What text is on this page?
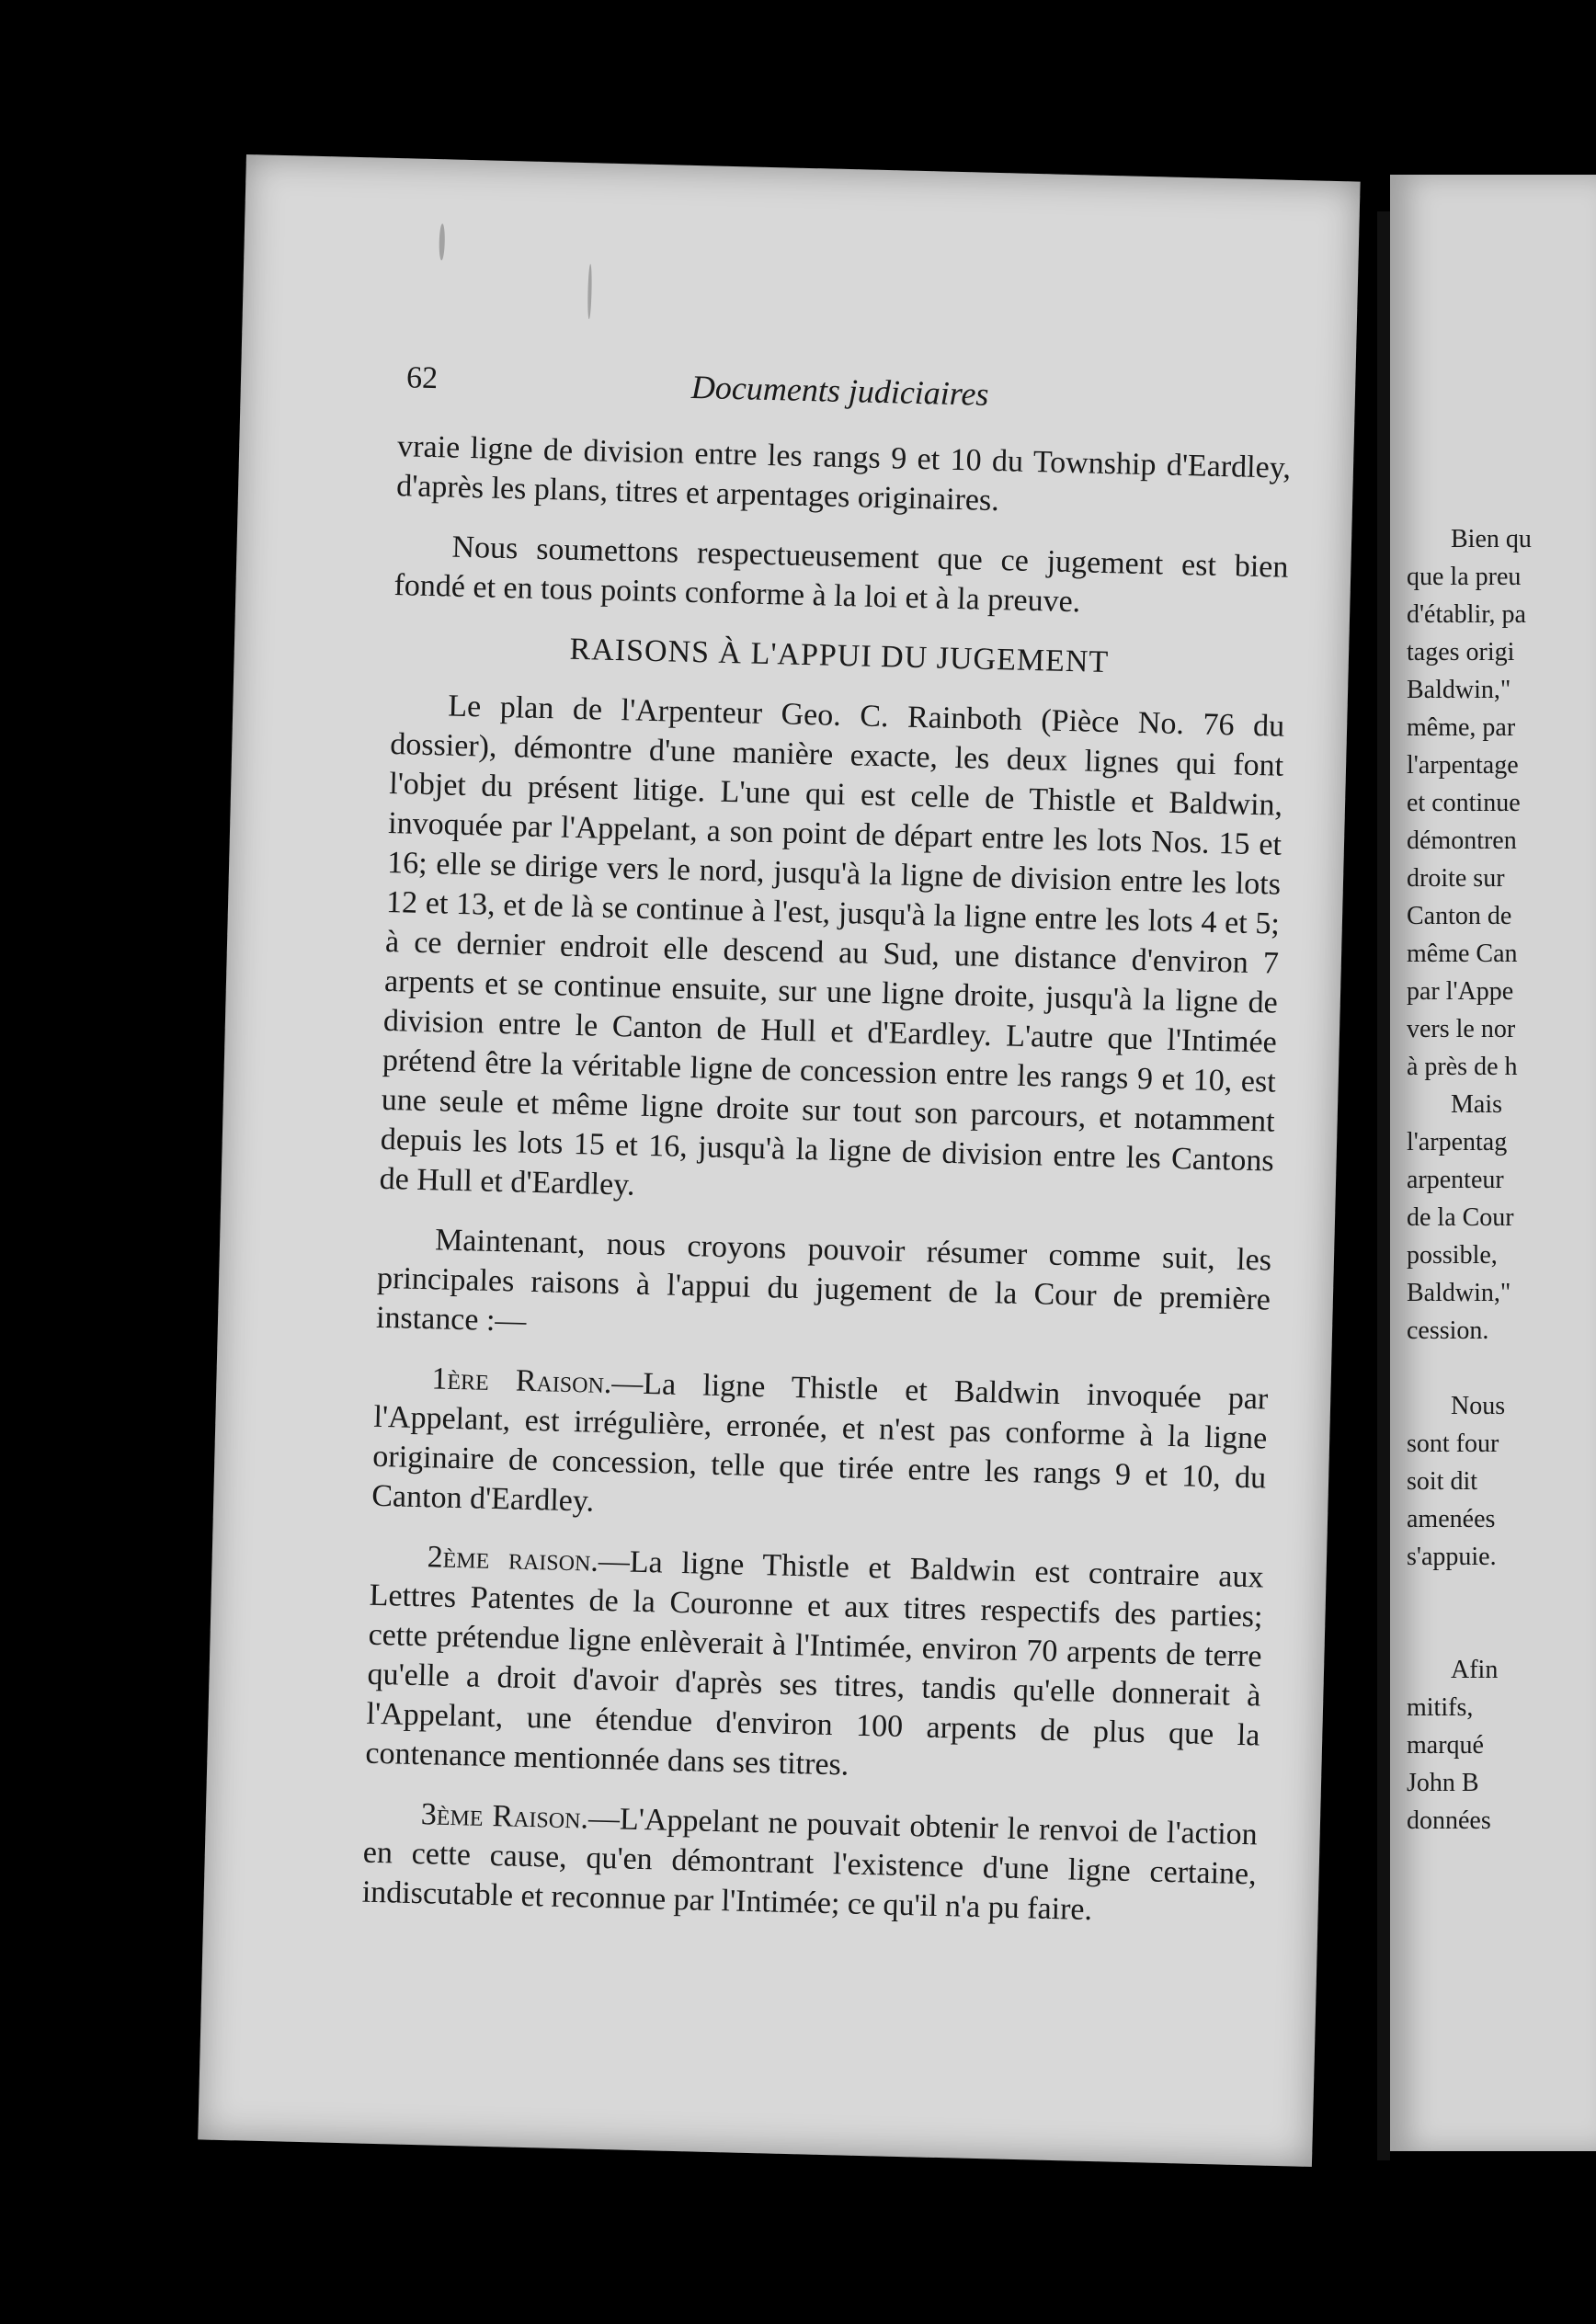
62	Documents judiciaires

vraie ligne de division entre les rangs 9 et 10 du Township d'Eardley, d'après les plans, titres et arpentages originaires.

Nous soumettons respectueusement que ce jugement est bien fondé et en tous points conforme à la loi et à la preuve.

RAISONS À L'APPUI DU JUGEMENT

Le plan de l'Arpenteur Geo. C. Rainboth (Pièce No. 76 du dossier), démontre d'une manière exacte, les deux lignes qui font l'objet du présent litige. L'une qui est celle de Thistle et Baldwin, invoquée par l'Appelant, a son point de départ entre les lots Nos. 15 et 16; elle se dirige vers le nord, jusqu'à la ligne de division entre les lots 12 et 13, et de là se continue à l'est, jusqu'à la ligne entre les lots 4 et 5; à ce dernier endroit elle descend au Sud, une distance d'environ 7 arpents et se continue ensuite, sur une ligne droite, jusqu'à la ligne de division entre le Canton de Hull et d'Eardley. L'autre que l'Intimée prétend être la véritable ligne de concession entre les rangs 9 et 10, est une seule et même ligne droite sur tout son parcours, et notamment depuis les lots 15 et 16, jusqu'à la ligne de division entre les Cantons de Hull et d'Eardley.

Maintenant, nous croyons pouvoir résumer comme suit, les principales raisons à l'appui du jugement de la Cour de première instance :—

1ère Raison.—La ligne Thistle et Baldwin invoquée par l'Appelant, est irrégulière, erronée, et n'est pas conforme à la ligne originaire de concession, telle que tirée entre les rangs 9 et 10, du Canton d'Eardley.

2ème raison.—La ligne Thistle et Baldwin est contraire aux Lettres Patentes de la Couronne et aux titres respectifs des parties; cette prétendue ligne enlèverait à l'Intimée, environ 70 arpents de terre qu'elle a droit d'avoir d'après ses titres, tandis qu'elle donnerait à l'Appelant, une étendue d'environ 100 arpents de plus que la contenance mentionnée dans ses titres.

3ème Raison.—L'Appelant ne pouvait obtenir le renvoi de l'action en cette cause, qu'en démontrant l'existence d'une ligne certaine, indiscutable et reconnue par l'Intimée; ce qu'il n'a pu faire.

Bien qu
que la preu
d'établir, pa
tages origi
Baldwin,"
même, par
l'arpentage
et continue
démontren
droite sur
Canton de
même Can
par l'Appe
vers le nor
à près de h
Mais
l'arpentag
arpenteur
de la Cour
possible,
Baldwin,"
cession.
Nous
sont four
soit dit
amenées
s'appuie.
Afin
mitifs,
marqué
John B
données
